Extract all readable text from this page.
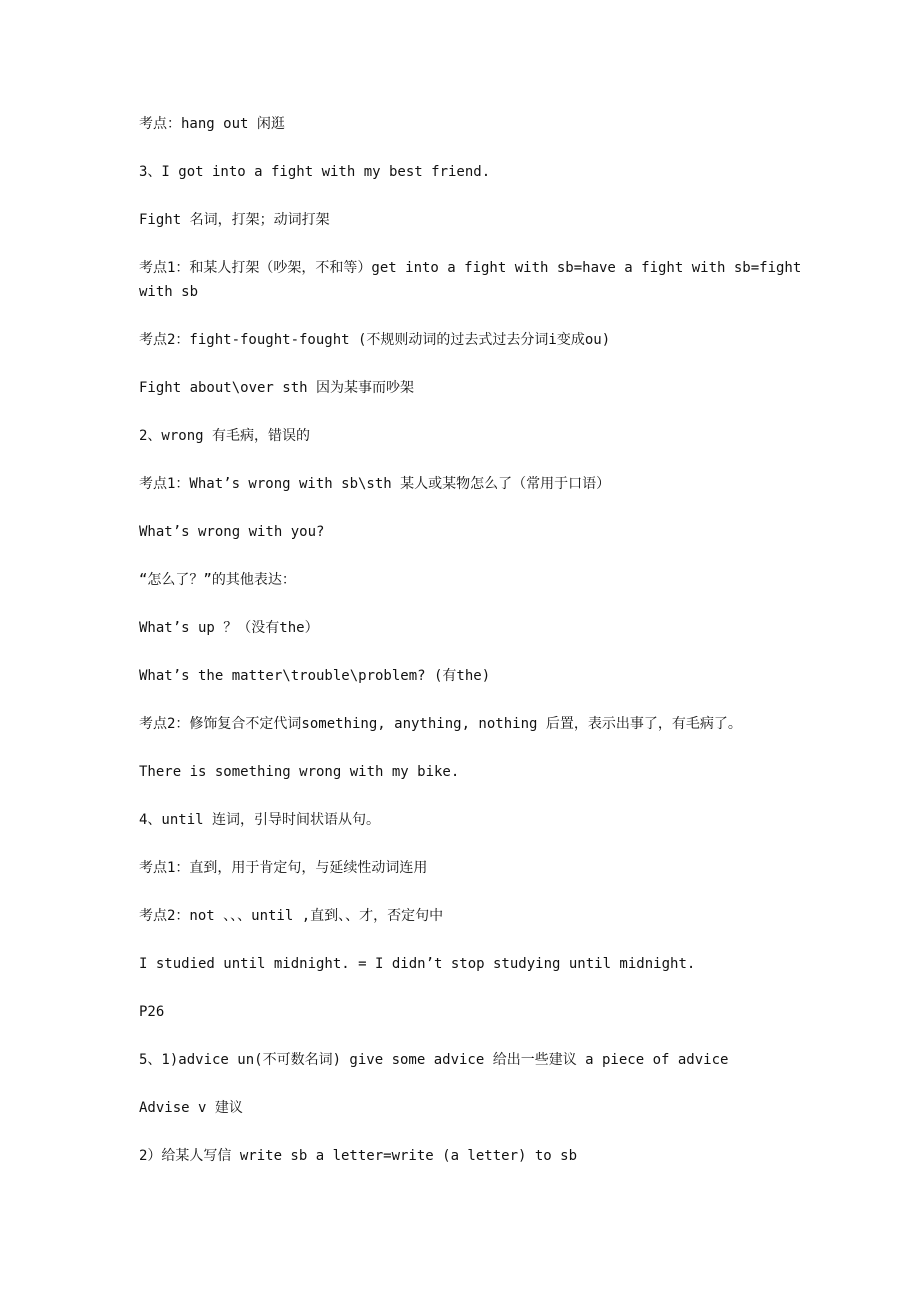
考点：hang out 闲逛

3、I got into a fight with my best friend.

Fight 名词，打架；动词打架

考点1：和某人打架（吵架，不和等）get into a fight with sb=have a fight with sb=fight with sb

考点2：fight-fought-fought (不规则动词的过去式过去分词i变成ou)

Fight about\over sth 因为某事而吵架

2、wrong 有毛病，错误的

考点1：What’s wrong with sb\sth 某人或某物怎么了（常用于口语）

What’s wrong with you?

“怎么了？”的其他表达：

What’s up ？（没有the）

What’s the matter\trouble\problem? (有the)

考点2：修饰复合不定代词something, anything, nothing 后置，表示出事了，有毛病了。

There is something wrong with my bike.

4、until 连词，引导时间状语从句。

考点1：直到，用于肯定句，与延续性动词连用

考点2：not 、、、until ,直到、、才，否定句中

I studied until midnight. = I didn’t stop studying until midnight.

P26

5、1)advice un(不可数名词) give some advice 给出一些建议 a piece of advice

Advise v 建议

2）给某人写信 write sb a letter=write (a letter) to sb
